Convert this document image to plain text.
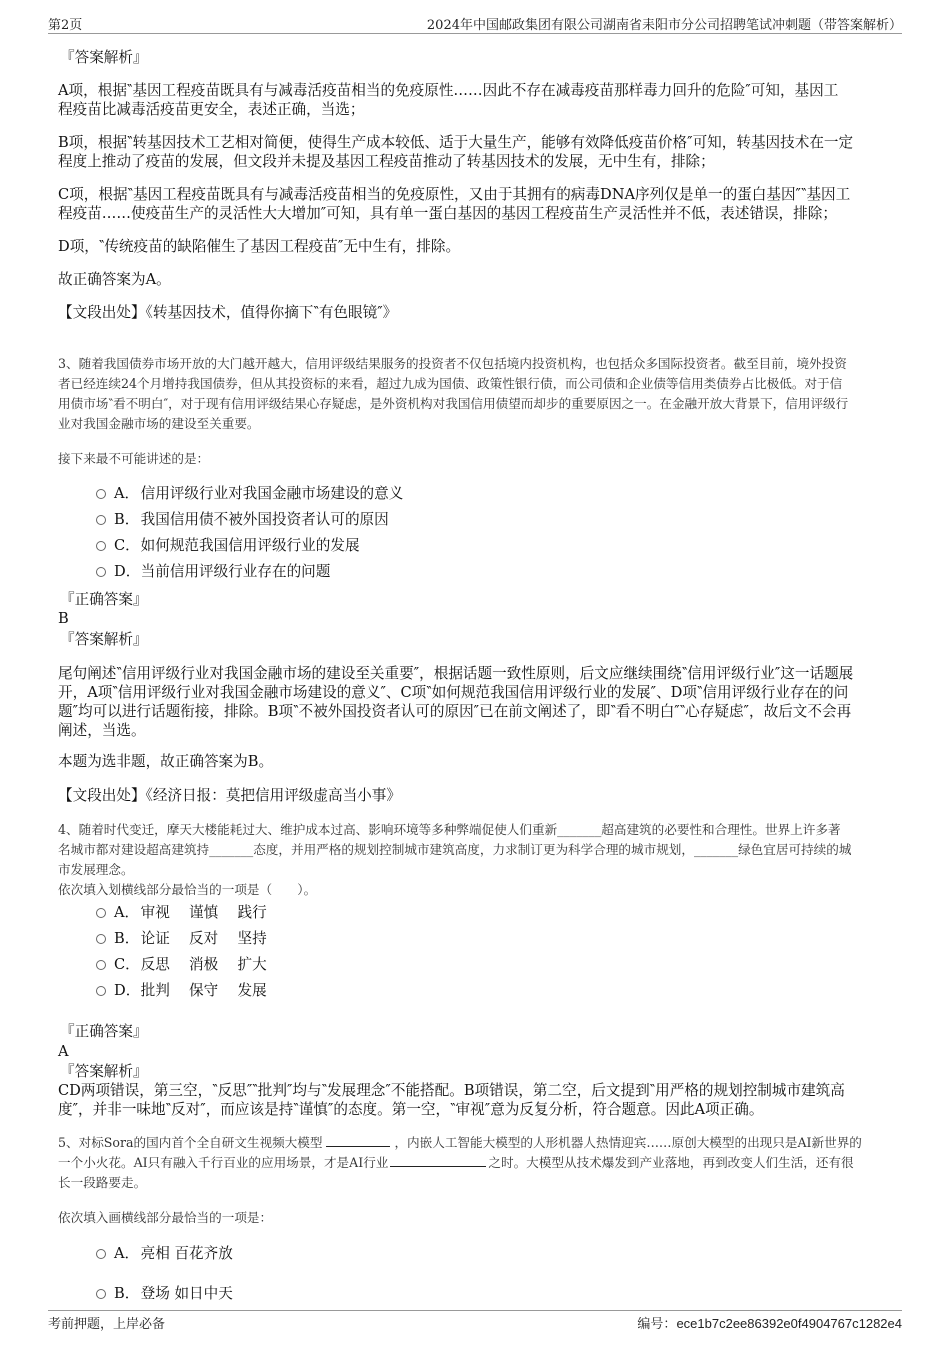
第2页	2024年中国邮政集团有限公司湖南省耒阳市分公司招聘笔试冲刺题（带答案解析）
『答案解析』
A项，根据‶基因工程疫苗既具有与减毒活疫苗相当的免疫原性……因此不存在减毒疫苗那样毒力回升的危险″可知，基因工
程疫苗比减毒活疫苗更安全，表述正确，当选；
B项，根据‶转基因技术工艺相对简便，使得生产成本较低、适于大量生产，能够有效降低疫苗价格″可知，转基因技术在一定
程度上推动了疫苗的发展，但文段并未提及基因工程疫苗推动了转基因技术的发展，无中生有，排除；
C项，根据‶基因工程疫苗既具有与减毒活疫苗相当的免疫原性，又由于其拥有的病毒DNA序列仅是单一的蛋白基因″‶基因工
程疫苗……使疫苗生产的灵活性大大增加″可知，具有单一蛋白基因的基因工程疫苗生产灵活性并不低，表述错误，排除；
D项，‶传统疫苗的缺陷催生了基因工程疫苗″无中生有，排除。
故正确答案为A。
【文段出处】《转基因技术，值得你摘下‶有色眼镜″》
3、随着我国债券市场开放的大门越开越大，信用评级结果服务的投资者不仅包括境内投资机构，也包括众多国际投资者。截至目前，境外投资
者已经连续24个月增持我国债券，但从其投资标的来看，超过九成为国债、政策性银行债，而公司债和企业债等信用类债券占比极低。对于信
用债市场‶看不明白″，对于现有信用评级结果心存疑虑，是外资机构对我国信用债望而却步的重要原因之一。在金融开放大背景下，信用评级行
业对我国金融市场的建设至关重要。
接下来最不可能讲述的是：
A． 信用评级行业对我国金融市场建设的意义
B． 我国信用债不被外国投资者认可的原因
C． 如何规范我国信用评级行业的发展
D． 当前信用评级行业存在的问题
『正确答案』
B
『答案解析』
尾句阐述‶信用评级行业对我国金融市场的建设至关重要″，根据话题一致性原则，后文应继续围绕‶信用评级行业″这一话题展
开，A项‶信用评级行业对我国金融市场建设的意义″、C项‶如何规范我国信用评级行业的发展″、D项‶信用评级行业存在的问
题″均可以进行话题衔接，排除。B项‶不被外国投资者认可的原因″已在前文阐述了，即‶看不明白″‶心存疑虑″，故后文不会再
阐述，当选。
本题为选非题，故正确答案为B。
【文段出处】《经济日报：莫把信用评级虚高当小事》
4、随着时代变迁，摩天大楼能耗过大、维护成本过高、影响环境等多种弊端促使人们重新_______超高建筑的必要性和合理性。世界上许多著
名城市都对建设超高建筑持_______态度，并用严格的规划控制城市建筑高度，力求制订更为科学合理的城市规划，_______绿色宜居可持续的城
市发展理念。
依次填入划横线部分最恰当的一项是（　　）。
A． 审视　 谨慎　 践行
B． 论证　 反对　 坚持
C． 反思　 消极　 扩大
D． 批判　 保守　 发展
『正确答案』
A
『答案解析』
CD两项错误，第三空，‶反思″‶批判″均与‶发展理念″不能搭配。B项错误，第二空，后文提到‶用严格的规划控制城市建筑高
度″，并非一味地‶反对″，而应该是持‶谨慎″的态度。第一空，‶审视″意为反复分析，符合题意。因此A项正确。
5、对标Sora的国内首个全自研文生视频大模型	，内嵌人工智能大模型的人形机器人热情迎宾……原创大模型的出现只是AI新世界的
一个小火花。AI只有融入千行百业的应用场景，才是AI行业	之时。大模型从技术爆发到产业落地，再到改变人们生活，还有很
长一段路要走。
依次填入画横线部分最恰当的一项是：
A． 亮相 百花齐放
B． 登场 如日中天
考前押题，上岸必备	编号：ece1b7c2ee86392e0f4904767c1282e4
